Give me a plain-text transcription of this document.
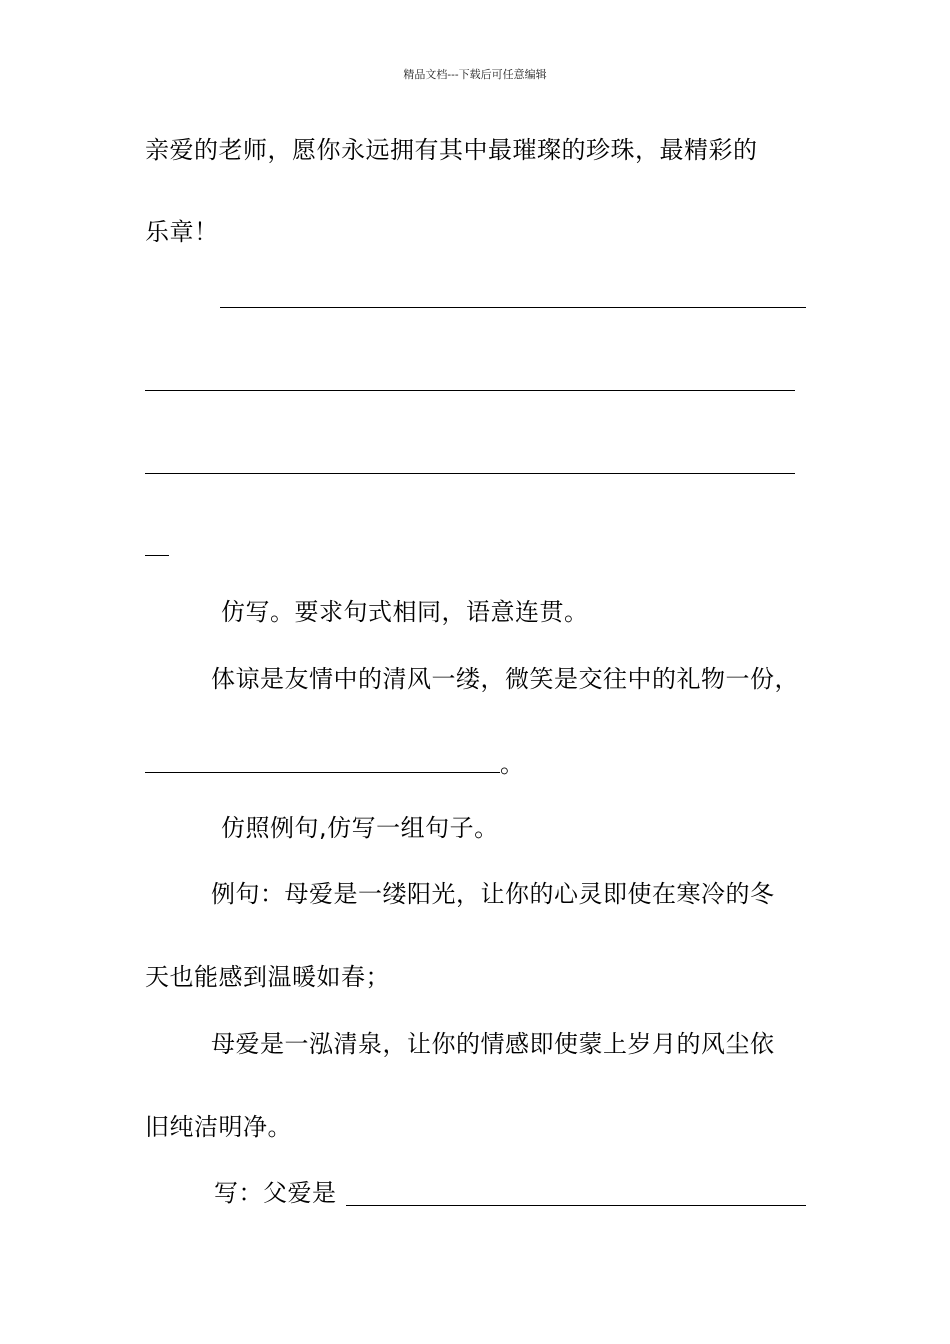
精品文档---下载后可任意编辑
亲爱的老师，愿你永远拥有其中最璀璨的珍珠，最精彩的
乐章！
仿写。要求句式相同，语意连贯。
体谅是友情中的清风一缕，微笑是交往中的礼物一份，
。
仿照例句,仿写一组句子。
例句：母爱是一缕阳光，让你的心灵即使在寒冷的冬
天也能感到温暖如春；
母爱是一泓清泉，让你的情感即使蒙上岁月的风尘依
旧纯洁明净。
写：父爱是
